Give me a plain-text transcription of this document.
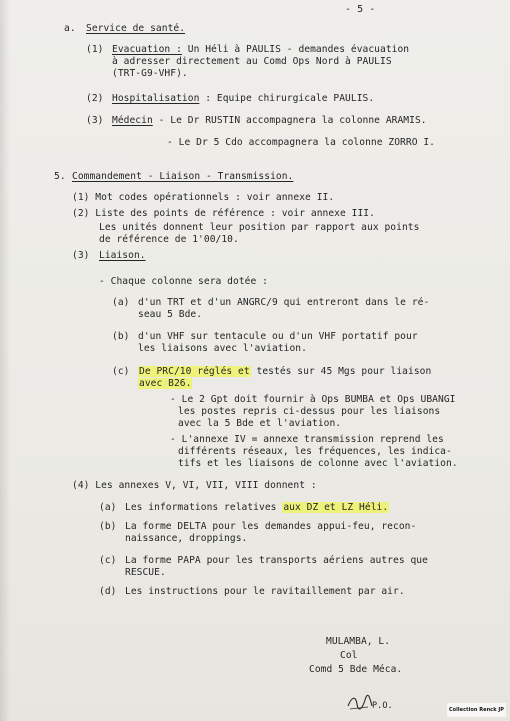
- 5 -
a. Service de santé.
(1) Evacuation : Un Héli à PAULIS - demandes évacuation
à adresser directement au Comd Ops Nord à PAULIS
(TRT-G9-VHF).
(2) Hospitalisation : Equipe chirurgicale PAULIS.
(3) Médecin - Le Dr RUSTIN accompagnera la colonne ARAMIS.
- Le Dr 5 Cdo accompagnera la colonne ZORRO I.
5. Commandement - Liaison - Transmission.
(1) Mot codes opérationnels : voir annexe II.
(2) Liste des points de référence : voir annexe III.
Les unités donnent leur position par rapport aux points
de référence de 1'00/10.
(3) Liaison.
- Chaque colonne sera dotée :
(a) d'un TRT et d'un ANGRC/9 qui entreront dans le ré-
seau 5 Bde.
(b) d'un VHF sur tentacule ou d'un VHF portatif pour
les liaisons avec l'aviation.
(c) De PRC/10 réglés et testés sur 45 Mgs pour liaison
avec B26.
- Le 2 Gpt doit fournir à Ops BUMBA et Ops UBANGI
les postes repris ci-dessus pour les liaisons
avec la 5 Bde et l'aviation.
- L'annexe IV = annexe transmission reprend les
différents réseaux, les fréquences, les indica-
tifs et les liaisons de colonne avec l'aviation.
(4) Les annexes V, VI, VII, VIII donnent :
(a) Les informations relatives aux DZ et LZ Héli.
(b) La forme DELTA pour les demandes appui-feu, recon-
naissance, droppings.
(c) La forme PAPA pour les transports aériens autres que
RESCUE.
(d) Les instructions pour le ravitaillement par air.
MULAMBA, L.
Col
Comd 5 Bde Méca.
P.O.	Collection Renck JP
